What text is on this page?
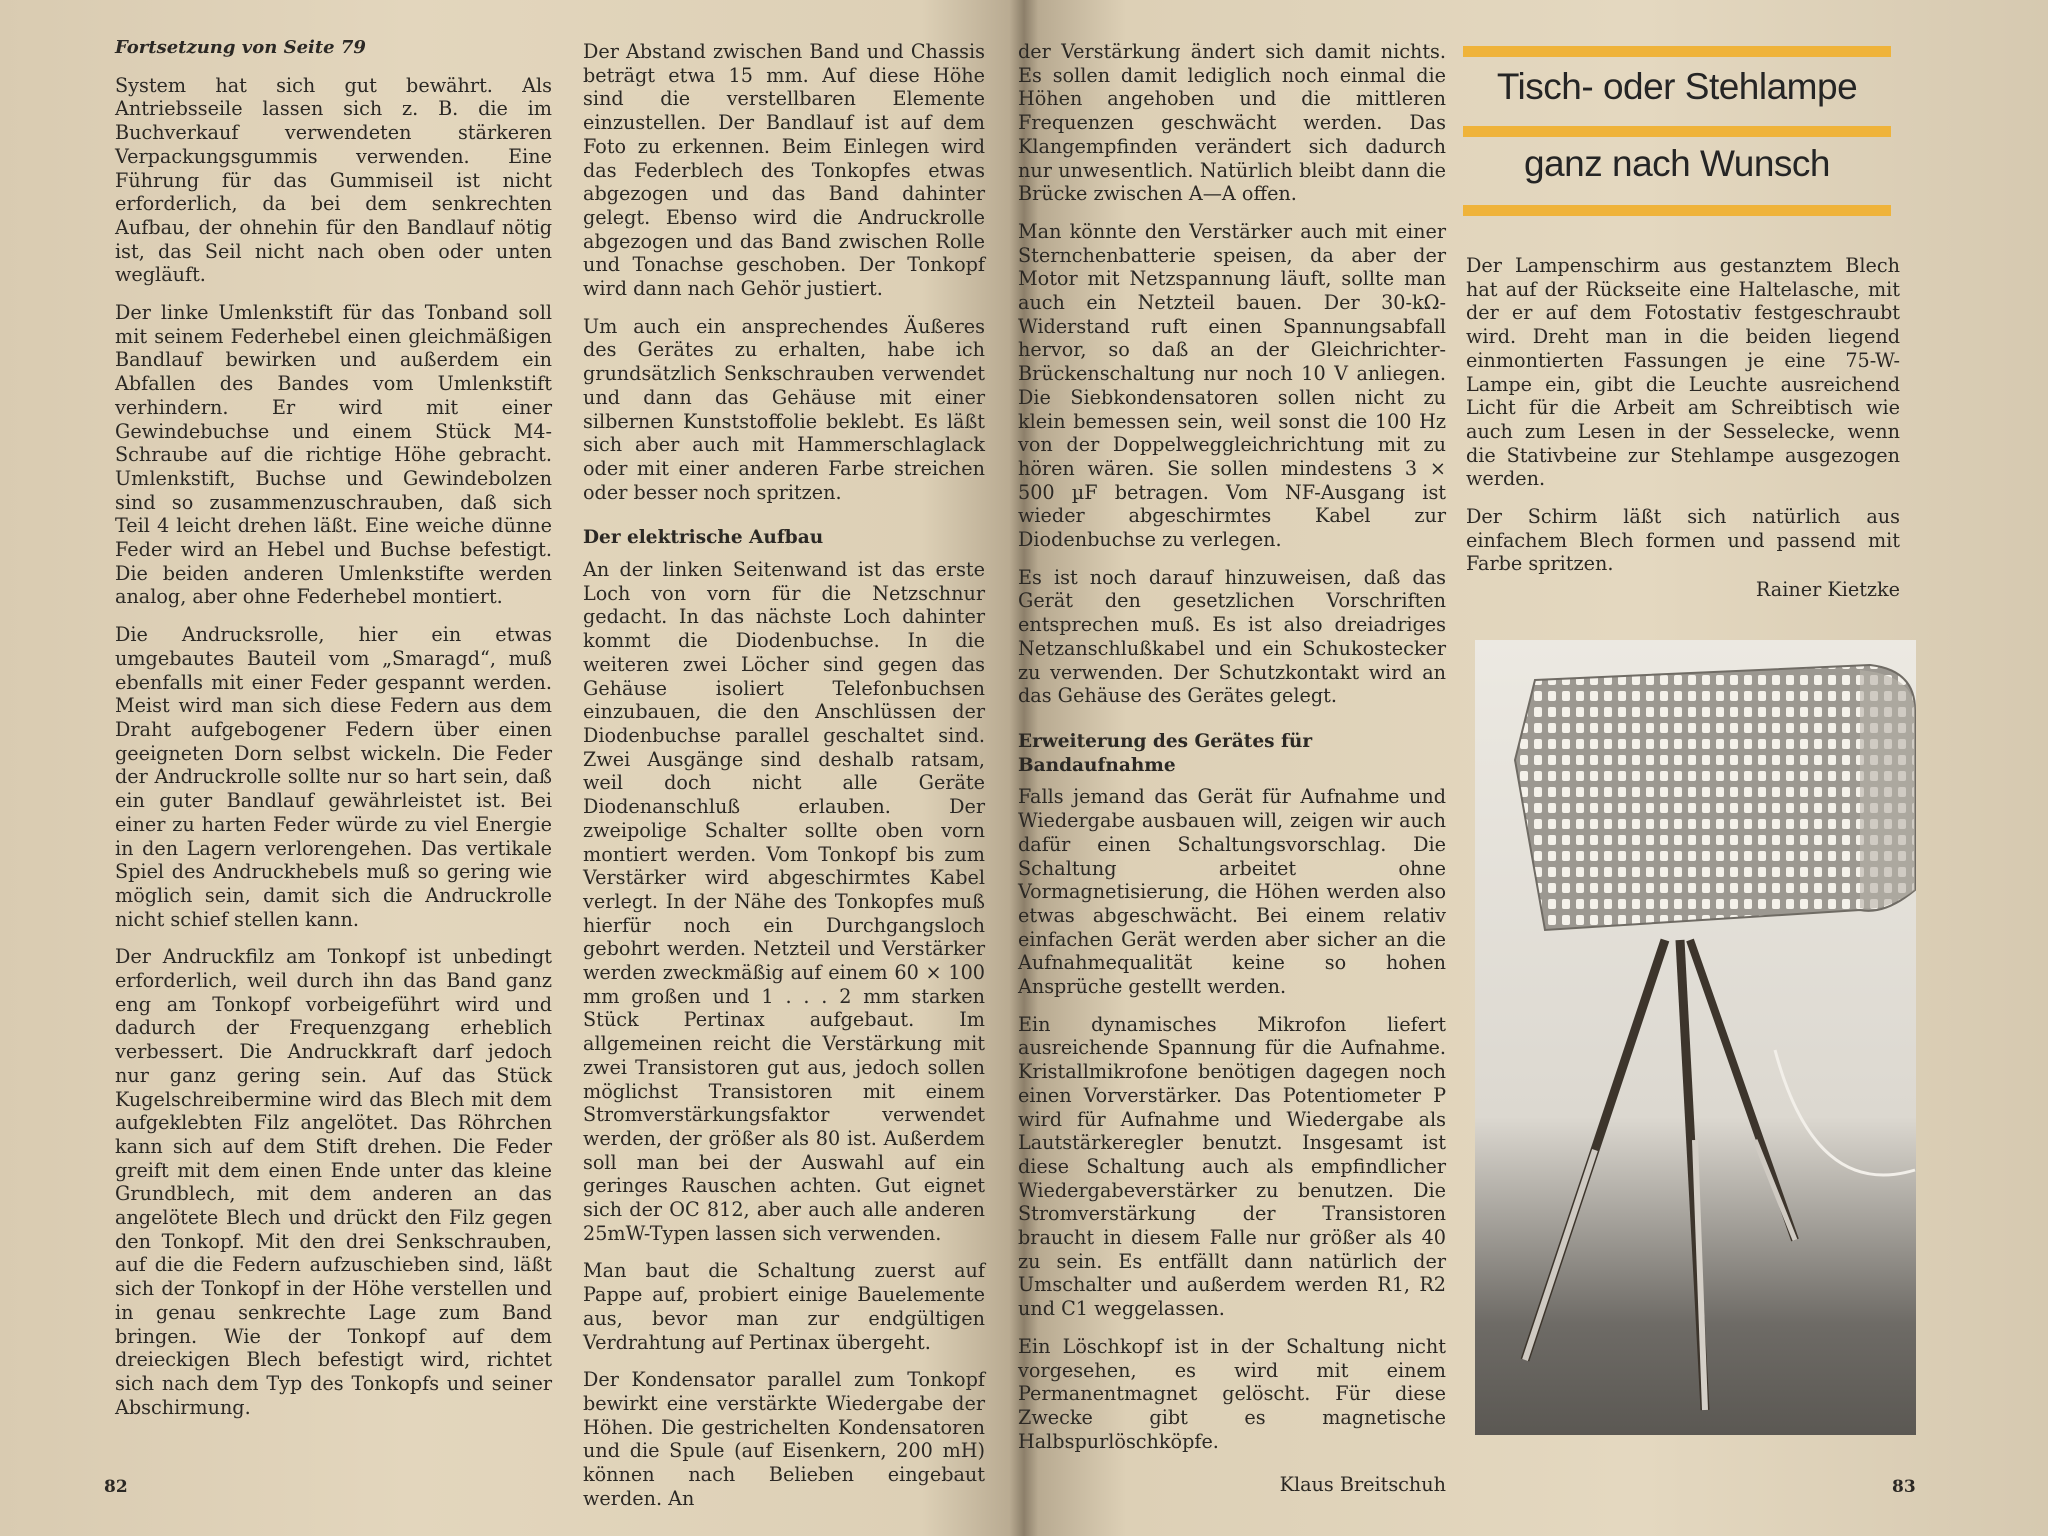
Fortsetzung von Seite 79

System hat sich gut bewährt. Als Antriebsseile lassen sich z. B. die im Buchverkauf verwendeten stärkeren Verpackungsgummis verwenden. Eine Führung für das Gummiseil ist nicht erforderlich, da bei dem senkrechten Aufbau, der ohnehin für den Bandlauf nötig ist, das Seil nicht nach oben oder unten wegläuft.

Der linke Umlenkstift für das Tonband soll mit seinem Federhebel einen gleichmäßigen Bandlauf bewirken und außerdem ein Abfallen des Bandes vom Umlenkstift verhindern. Er wird mit einer Gewindebuchse und einem Stück M4-Schraube auf die richtige Höhe gebracht. Umlenkstift, Buchse und Gewindebolzen sind so zusammenzuschrauben, daß sich Teil 4 leicht drehen läßt. Eine weiche dünne Feder wird an Hebel und Buchse befestigt. Die beiden anderen Umlenkstifte werden analog, aber ohne Federhebel montiert.

Die Andrucksrolle, hier ein etwas umgebautes Bauteil vom „Smaragd“, muß ebenfalls mit einer Feder gespannt werden. Meist wird man sich diese Federn aus dem Draht aufgebogener Federn über einen geeigneten Dorn selbst wickeln. Die Feder der Andruckrolle sollte nur so hart sein, daß ein guter Bandlauf gewährleistet ist. Bei einer zu harten Feder würde zu viel Energie in den Lagern verlorengehen. Das vertikale Spiel des Andruckhebels muß so gering wie möglich sein, damit sich die Andruckrolle nicht schief stellen kann.

Der Andruckfilz am Tonkopf ist unbedingt erforderlich, weil durch ihn das Band ganz eng am Tonkopf vorbeigeführt wird und dadurch der Frequenzgang erheblich verbessert. Die Andruckkraft darf jedoch nur ganz gering sein. Auf das Stück Kugelschreibermine wird das Blech mit dem aufgeklebten Filz angelötet. Das Röhrchen kann sich auf dem Stift drehen. Die Feder greift mit dem einen Ende unter das kleine Grundblech, mit dem anderen an das angelötete Blech und drückt den Filz gegen den Tonkopf. Mit den drei Senkschrauben, auf die die Federn aufzuschieben sind, läßt sich der Tonkopf in der Höhe verstellen und in genau senkrechte Lage zum Band bringen. Wie der Tonkopf auf dem dreieckigen Blech befestigt wird, richtet sich nach dem Typ des Tonkopfs und seiner Abschirmung.

Der Abstand zwischen Band und Chassis beträgt etwa 15 mm. Auf diese Höhe sind die verstellbaren Elemente einzustellen. Der Bandlauf ist auf dem Foto zu erkennen. Beim Einlegen wird das Federblech des Tonkopfes etwas abgezogen und das Band dahinter gelegt. Ebenso wird die Andruckrolle abgezogen und das Band zwischen Rolle und Tonachse geschoben. Der Tonkopf wird dann nach Gehör justiert.

Um auch ein ansprechendes Äußeres des Gerätes zu erhalten, habe ich grundsätzlich Senkschrauben verwendet und dann das Gehäuse mit einer silbernen Kunststoffolie beklebt. Es läßt sich aber auch mit Hammerschlaglack oder mit einer anderen Farbe streichen oder besser noch spritzen.

Der elektrische Aufbau

An der linken Seitenwand ist das erste Loch von vorn für die Netzschnur gedacht. In das nächste Loch dahinter kommt die Diodenbuchse. In die weiteren zwei Löcher sind gegen das Gehäuse isoliert Telefonbuchsen einzubauen, die den Anschlüssen der Diodenbuchse parallel geschaltet sind. Zwei Ausgänge sind deshalb ratsam, weil doch nicht alle Geräte Diodenanschluß erlauben. Der zweipolige Schalter sollte oben vorn montiert werden. Vom Tonkopf bis zum Verstärker wird abgeschirmtes Kabel verlegt. In der Nähe des Tonkopfes muß hierfür noch ein Durchgangsloch gebohrt werden. Netzteil und Verstärker werden zweckmäßig auf einem 60 × 100 mm großen und 1 . . . 2 mm starken Stück Pertinax aufgebaut. Im allgemeinen reicht die Verstärkung mit zwei Transistoren gut aus, jedoch sollen möglichst Transistoren mit einem Stromverstärkungsfaktor verwendet werden, der größer als 80 ist. Außerdem soll man bei der Auswahl auf ein geringes Rauschen achten. Gut eignet sich der OC 812, aber auch alle anderen 25mW-Typen lassen sich verwenden.

Man baut die Schaltung zuerst auf Pappe auf, probiert einige Bauelemente aus, bevor man zur endgültigen Verdrahtung auf Pertinax übergeht.

Der Kondensator parallel zum Tonkopf bewirkt eine verstärkte Wiedergabe der Höhen. Die gestrichelten Kondensatoren und die Spule (auf Eisenkern, 200 mH) können nach Belieben eingebaut werden. An

82

der Verstärkung ändert sich damit nichts. Es sollen damit lediglich noch einmal die Höhen angehoben und die mittleren Frequenzen geschwächt werden. Das Klangempfinden verändert sich dadurch nur unwesentlich. Natürlich bleibt dann die Brücke zwischen A—A offen.

Man könnte den Verstärker auch mit einer Sternchenbatterie speisen, da aber der Motor mit Netzspannung läuft, sollte man auch ein Netzteil bauen. Der 30-kΩ-Widerstand ruft einen Spannungsabfall hervor, so daß an der Gleichrichter-Brückenschaltung nur noch 10 V anliegen. Die Siebkondensatoren sollen nicht zu klein bemessen sein, weil sonst die 100 Hz von der Doppelweggleichrichtung mit zu hören wären. Sie sollen mindestens 3 × 500 µF betragen. Vom NF-Ausgang ist wieder abgeschirmtes Kabel zur Diodenbuchse zu verlegen.

Es ist noch darauf hinzuweisen, daß das Gerät den gesetzlichen Vorschriften entsprechen muß. Es ist also dreiadriges Netzanschlußkabel und ein Schukostecker zu verwenden. Der Schutzkontakt wird an das Gehäuse des Gerätes gelegt.

Erweiterung des Gerätes für Bandaufnahme

Falls jemand das Gerät für Aufnahme und Wiedergabe ausbauen will, zeigen wir auch dafür einen Schaltungsvorschlag. Die Schaltung arbeitet ohne Vormagnetisierung, die Höhen werden also etwas abgeschwächt. Bei einem relativ einfachen Gerät werden aber sicher an die Aufnahmequalität keine so hohen Ansprüche gestellt werden.

Ein dynamisches Mikrofon liefert ausreichende Spannung für die Aufnahme. Kristallmikrofone benötigen dagegen noch einen Vorverstärker. Das Potentiometer P wird für Aufnahme und Wiedergabe als Lautstärkeregler benutzt. Insgesamt ist diese Schaltung auch als empfindlicher Wiedergabeverstärker zu benutzen. Die Stromverstärkung der Transistoren braucht in diesem Falle nur größer als 40 zu sein. Es entfällt dann natürlich der Umschalter und außerdem werden R1, R2 und C1 weggelassen.

Ein Löschkopf ist in der Schaltung nicht vorgesehen, es wird mit einem Permanentmagnet gelöscht. Für diese Zwecke gibt es magnetische Halbspurlöschköpfe.

Klaus Breitschuh	83
Tisch- oder Stehlampe
ganz nach Wunsch

Der Lampenschirm aus gestanztem Blech hat auf der Rückseite eine Haltelasche, mit der er auf dem Fotostativ festgeschraubt wird. Dreht man in die beiden liegend einmontierten Fassungen je eine 75-W-Lampe ein, gibt die Leuchte ausreichend Licht für die Arbeit am Schreibtisch wie auch zum Lesen in der Sesselecke, wenn die Stativbeine zur Stehlampe ausgezogen werden.

Der Schirm läßt sich natürlich aus einfachem Blech formen und passend mit Farbe spritzen.

Rainer Kietzke
